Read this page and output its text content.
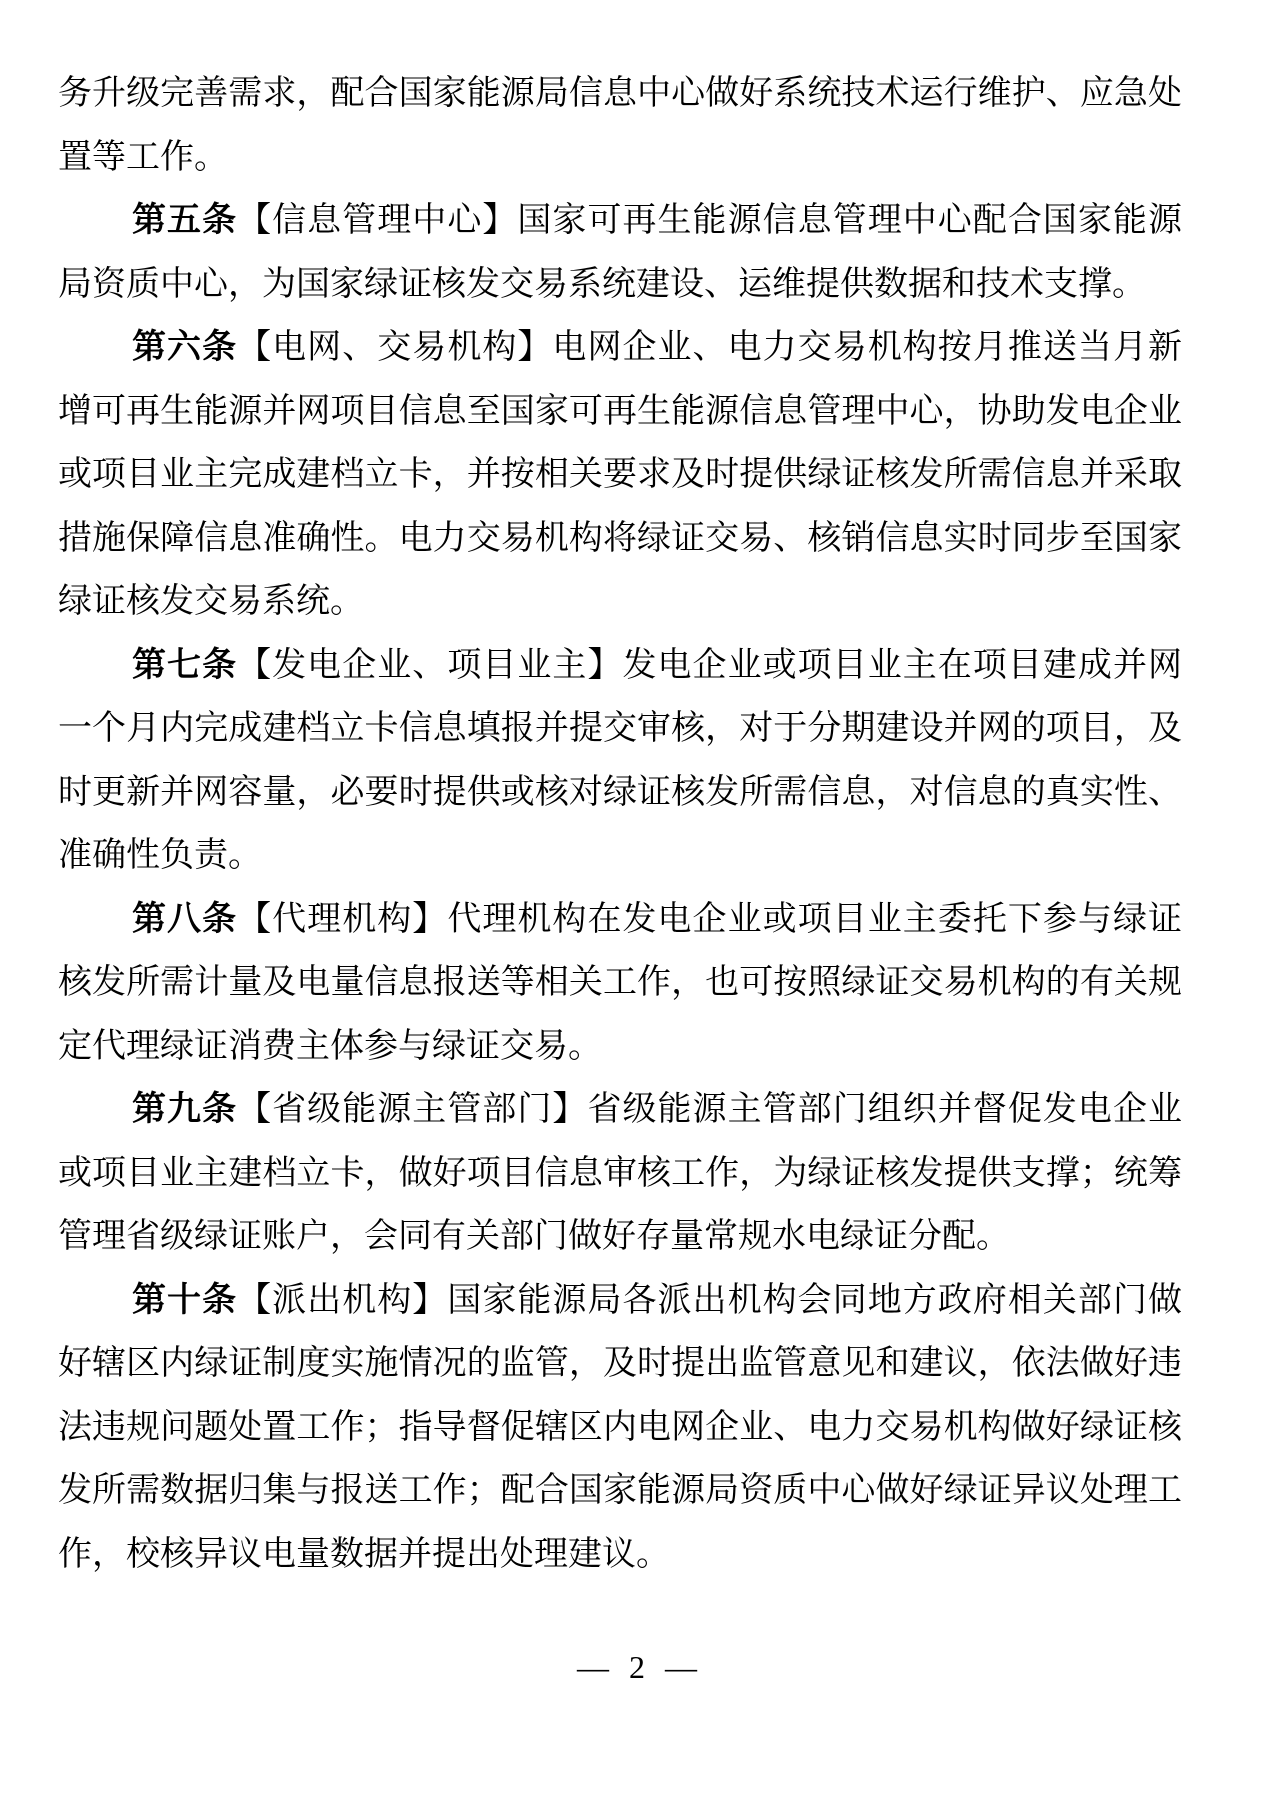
务升级完善需求，配合国家能源局信息中心做好系统技术运行维护、应急处置等工作。

第五条【信息管理中心】国家可再生能源信息管理中心配合国家能源局资质中心，为国家绿证核发交易系统建设、运维提供数据和技术支撑。

第六条【电网、交易机构】电网企业、电力交易机构按月推送当月新增可再生能源并网项目信息至国家可再生能源信息管理中心，协助发电企业或项目业主完成建档立卡，并按相关要求及时提供绿证核发所需信息并采取措施保障信息准确性。电力交易机构将绿证交易、核销信息实时同步至国家绿证核发交易系统。

第七条【发电企业、项目业主】发电企业或项目业主在项目建成并网一个月内完成建档立卡信息填报并提交审核，对于分期建设并网的项目，及时更新并网容量，必要时提供或核对绿证核发所需信息，对信息的真实性、准确性负责。

第八条【代理机构】代理机构在发电企业或项目业主委托下参与绿证核发所需计量及电量信息报送等相关工作，也可按照绿证交易机构的有关规定代理绿证消费主体参与绿证交易。

第九条【省级能源主管部门】省级能源主管部门组织并督促发电企业或项目业主建档立卡，做好项目信息审核工作，为绿证核发提供支撑；统筹管理省级绿证账户，会同有关部门做好存量常规水电绿证分配。

第十条【派出机构】国家能源局各派出机构会同地方政府相关部门做好辖区内绿证制度实施情况的监管，及时提出监管意见和建议，依法做好违法违规问题处置工作；指导督促辖区内电网企业、电力交易机构做好绿证核发所需数据归集与报送工作；配合国家能源局资质中心做好绿证异议处理工作，校核异议电量数据并提出处理建议。

— 2 —
